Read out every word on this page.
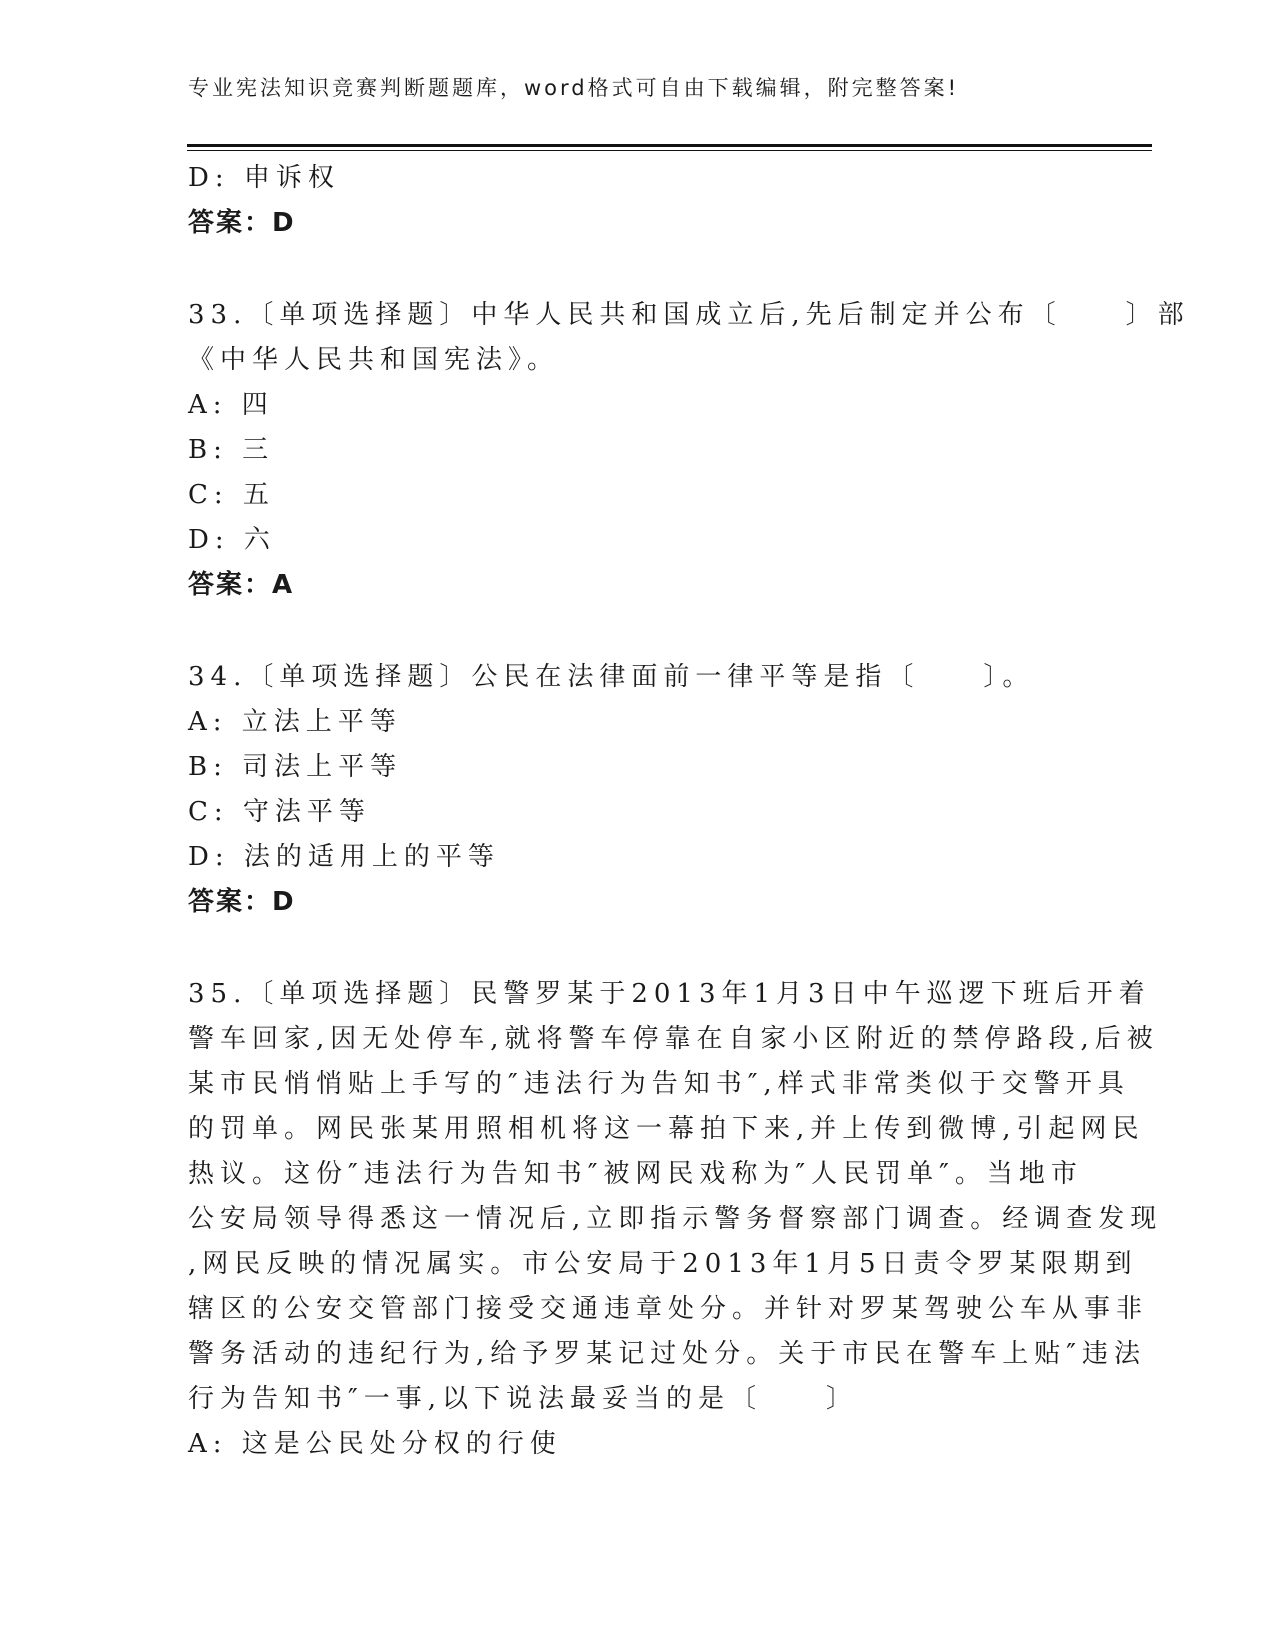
专业宪法知识竞赛判断题题库，word格式可自由下载编辑，附完整答案!
D: 申诉权
答案：D
33.〔单项选择题〕中华人民共和国成立后,先后制定并公布〔　　〕部
《中华人民共和国宪法》。
A: 四
B: 三
C: 五
D: 六
答案：A
34.〔单项选择题〕公民在法律面前一律平等是指〔　　〕。
A: 立法上平等
B: 司法上平等
C: 守法平等
D: 法的适用上的平等
答案：D
35.〔单项选择题〕民警罗某于2013年1月3日中午巡逻下班后开着
警车回家,因无处停车,就将警车停靠在自家小区附近的禁停路段,后被
某市民悄悄贴上手写的″违法行为告知书″,样式非常类似于交警开具
的罚单。网民张某用照相机将这一幕拍下来,并上传到微博,引起网民
热议。这份″违法行为告知书″被网民戏称为″人民罚单″。当地市
公安局领导得悉这一情况后,立即指示警务督察部门调查。经调查发现
,网民反映的情况属实。市公安局于2013年1月5日责令罗某限期到
辖区的公安交管部门接受交通违章处分。并针对罗某驾驶公车从事非
警务活动的违纪行为,给予罗某记过处分。关于市民在警车上贴″违法
行为告知书″一事,以下说法最妥当的是〔　　〕
A: 这是公民处分权的行使
